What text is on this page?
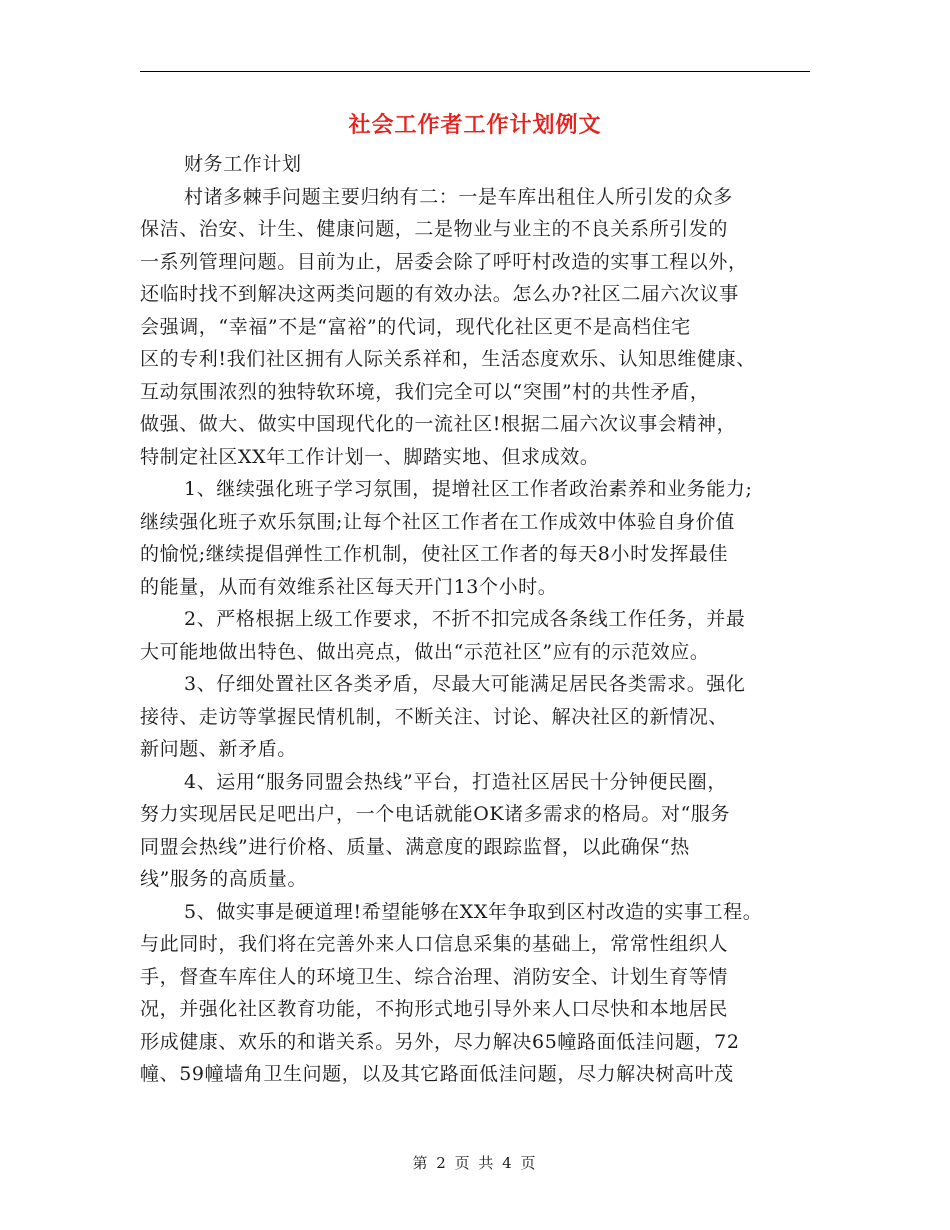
社会工作者工作计划例文
财务工作计划
村诸多棘手问题主要归纳有二：一是车库出租住人所引发的众多
保洁、治安、计生、健康问题，二是物业与业主的不良关系所引发的
一系列管理问题。目前为止，居委会除了呼吁村改造的实事工程以外，
还临时找不到解决这两类问题的有效办法。怎么办?社区二届六次议事
会强调，“幸福”不是“富裕”的代词，现代化社区更不是高档住宅
区的专利!我们社区拥有人际关系祥和，生活态度欢乐、认知思维健康、
互动氛围浓烈的独特软环境，我们完全可以“突围”村的共性矛盾，
做强、做大、做实中国现代化的一流社区!根据二届六次议事会精神，
特制定社区XX年工作计划一、脚踏实地、但求成效。
1、继续强化班子学习氛围，提增社区工作者政治素养和业务能力;
继续强化班子欢乐氛围;让每个社区工作者在工作成效中体验自身价值
的愉悦;继续提倡弹性工作机制，使社区工作者的每天8小时发挥最佳
的能量，从而有效维系社区每天开门13个小时。
2、严格根据上级工作要求，不折不扣完成各条线工作任务，并最
大可能地做出特色、做出亮点，做出“示范社区”应有的示范效应。
3、仔细处置社区各类矛盾，尽最大可能满足居民各类需求。强化
接待、走访等掌握民情机制，不断关注、讨论、解决社区的新情况、
新问题、新矛盾。
4、运用“服务同盟会热线”平台，打造社区居民十分钟便民圈，
努力实现居民足吧出户，一个电话就能OK诸多需求的格局。对“服务
同盟会热线”进行价格、质量、满意度的跟踪监督，以此确保“热
线”服务的高质量。
5、做实事是硬道理!希望能够在XX年争取到区村改造的实事工程。
与此同时，我们将在完善外来人口信息采集的基础上，常常性组织人
手，督查车库住人的环境卫生、综合治理、消防安全、计划生育等情
况，并强化社区教育功能，不拘形式地引导外来人口尽快和本地居民
形成健康、欢乐的和谐关系。另外，尽力解决65幢路面低洼问题，72
幢、59幢墙角卫生问题，以及其它路面低洼问题，尽力解决树高叶茂
第 2 页 共 4 页
